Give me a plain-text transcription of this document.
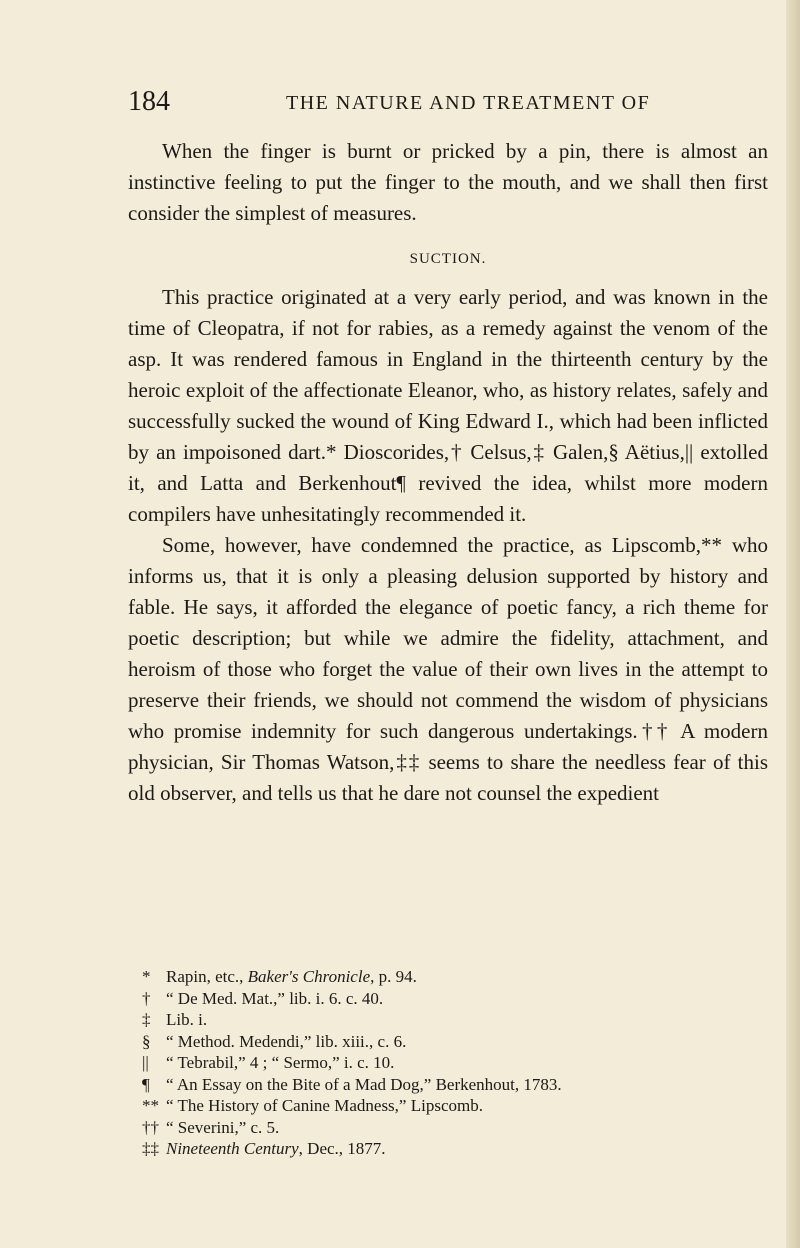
184	THE NATURE AND TREATMENT OF

When the finger is burnt or pricked by a pin, there is almost an instinctive feeling to put the finger to the mouth, and we shall then first consider the simplest of measures.

SUCTION.

This practice originated at a very early period, and was known in the time of Cleopatra, if not for rabies, as a remedy against the venom of the asp. It was rendered famous in England in the thirteenth century by the heroic exploit of the affectionate Eleanor, who, as history relates, safely and successfully sucked the wound of King Edward I., which had been inflicted by an impoisoned dart.* Dioscorides,† Celsus,‡ Galen,§ Aëtius,|| extolled it, and Latta and Berkenhout¶ revived the idea, whilst more modern compilers have unhesitatingly recommended it.

Some, however, have condemned the practice, as Lipscomb,** who informs us, that it is only a pleasing delusion supported by history and fable. He says, it afforded the elegance of poetic fancy, a rich theme for poetic description; but while we admire the fidelity, attachment, and heroism of those who forget the value of their own lives in the attempt to preserve their friends, we should not commend the wisdom of physicians who promise indemnity for such dangerous undertakings.†† A modern physician, Sir Thomas Watson,‡‡ seems to share the needless fear of this old observer, and tells us that he dare not counsel the expedient

* Rapin, etc., Baker's Chronicle, p. 94.
† “ De Med. Mat.,” lib. i. 6. c. 40.
‡ Lib. i.
§ “ Method. Medendi,” lib. xiii., c. 6.
|| “ Tebrabil,” 4 ; “ Sermo,” i. c. 10.
¶ “ An Essay on the Bite of a Mad Dog,” Berkenhout, 1783.
** “ The History of Canine Madness,” Lipscomb.
†† “ Severini,” c. 5.
‡‡ Nineteenth Century, Dec., 1877.
